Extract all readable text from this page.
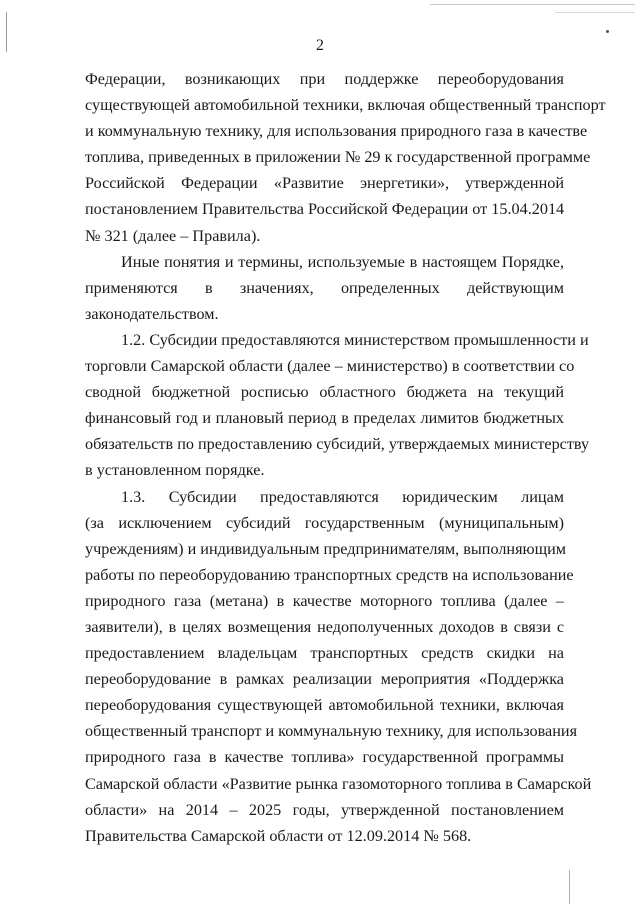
2

Федерации, возникающих при поддержке переоборудования
существующей автомобильной техники, включая общественный транспорт
и коммунальную технику, для использования природного газа в качестве
топлива, приведенных в приложении № 29 к государственной программе
Российской Федерации «Развитие энергетики», утвержденной
постановлением Правительства Российской Федерации от 15.04.2014
№ 321 (далее – Правила).

Иные понятия и термины, используемые в настоящем Порядке,
применяются в значениях, определенных действующим
законодательством.

1.2. Субсидии предоставляются министерством промышленности и
торговли Самарской области (далее – министерство) в соответствии со
сводной бюджетной росписью областного бюджета на текущий
финансовый год и плановый период в пределах лимитов бюджетных
обязательств по предоставлению субсидий, утверждаемых министерству
в установленном порядке.

1.3. Субсидии предоставляются юридическим лицам
(за исключением субсидий государственным (муниципальным)
учреждениям) и индивидуальным предпринимателям, выполняющим
работы по переоборудованию транспортных средств на использование
природного газа (метана) в качестве моторного топлива (далее –
заявители), в целях возмещения недополученных доходов в связи с
предоставлением владельцам транспортных средств скидки на
переоборудование в рамках реализации мероприятия «Поддержка
переоборудования существующей автомобильной техники, включая
общественный транспорт и коммунальную технику, для использования
природного газа в качестве топлива» государственной программы
Самарской области «Развитие рынка газомоторного топлива в Самарской
области» на 2014 – 2025 годы, утвержденной постановлением
Правительства Самарской области от 12.09.2014 № 568.
